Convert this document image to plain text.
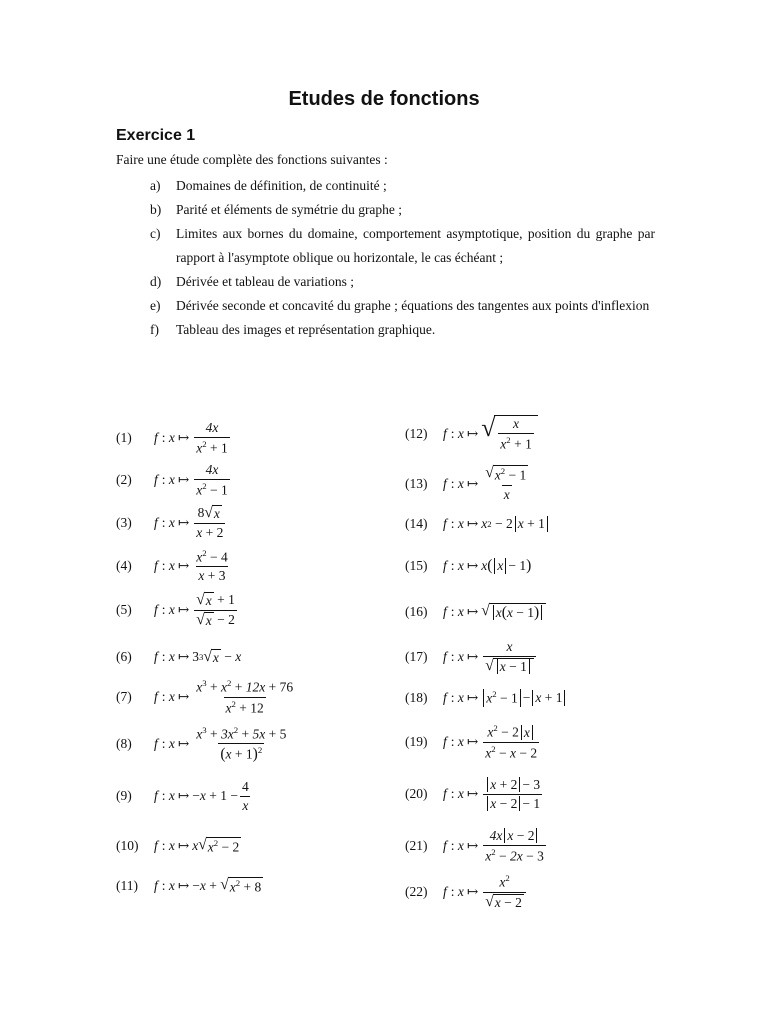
Etudes de fonctions
Exercice 1
Faire une étude complète des fonctions suivantes :
a) Domaines de définition, de continuité ;
b) Parité et éléments de symétrie du graphe ;
c) Limites aux bornes du domaine, comportement asymptotique, position du graphe par rapport à l'asymptote oblique ou horizontale, le cas échéant ;
d) Dérivée et tableau de variations ;
e) Dérivée seconde et concavité du graphe ; équations des tangentes aux points d'inflexion
f) Tableau des images et représentation graphique.
(1)	f :
x ↦ $\frac{4x}{x^2 + 1}$
(2)	f :
x ↦ $\frac{4x}{x^2 - 1}$
(3)	f :
x ↦ $\frac{8 √ x}{x + 2}$
(4)	f :
x ↦ $\frac{x^2 - 4}{x + 3}$
(5)	f :
x ↦ $\frac{√ x + 1}{√ x - 2}$
(6)	f :
x ↦ 3 3 √ x
−
x
(7)	f :
x ↦ $\frac{x^3 + x^2 + 12x + 76}{x^2 + 12}$
(8)	f :
x ↦ $\frac{x^3 + 3x^2 + 5x + 5}{(x + 1)^2}$
(9)	f :
x ↦ − x
+
1
− $\frac{4}{x}$
(10)	f :
x ↦ x √ $x^2 - 2$
(11)	f :
x ↦ − x
+
√ $x^2 + 8$
(12)	f :
x ↦ √ $\frac{x}{x^2 + 1}$
(13)	f :
x ↦ $\frac{√ x^2 - 1}{x}$
(14)	f :
x ↦ x 2
−
2 x + 1
(15)	f :
x ↦ x ( x −
1 )
(16)	f :
x ↦ √ x(x − 1)
(17)	f :
x ↦ $\frac{x}{√ x - 1}$
(18)	f :
x ↦ $x^2 - 1 - x + 1$
(19)	f :
x ↦ $\frac{x^2 - 2 x}{x^2 - x - 2}$
(20)	f :
x ↦ $\frac{x + 2 - 3}{x - 2 - 1}$
(21)	f :
x ↦ $\frac{\text{4x x − 2}}{x^2 - 2x - 3}$
(22)	f :
x ↦ $\frac{x^2}{√ x - 2}$
